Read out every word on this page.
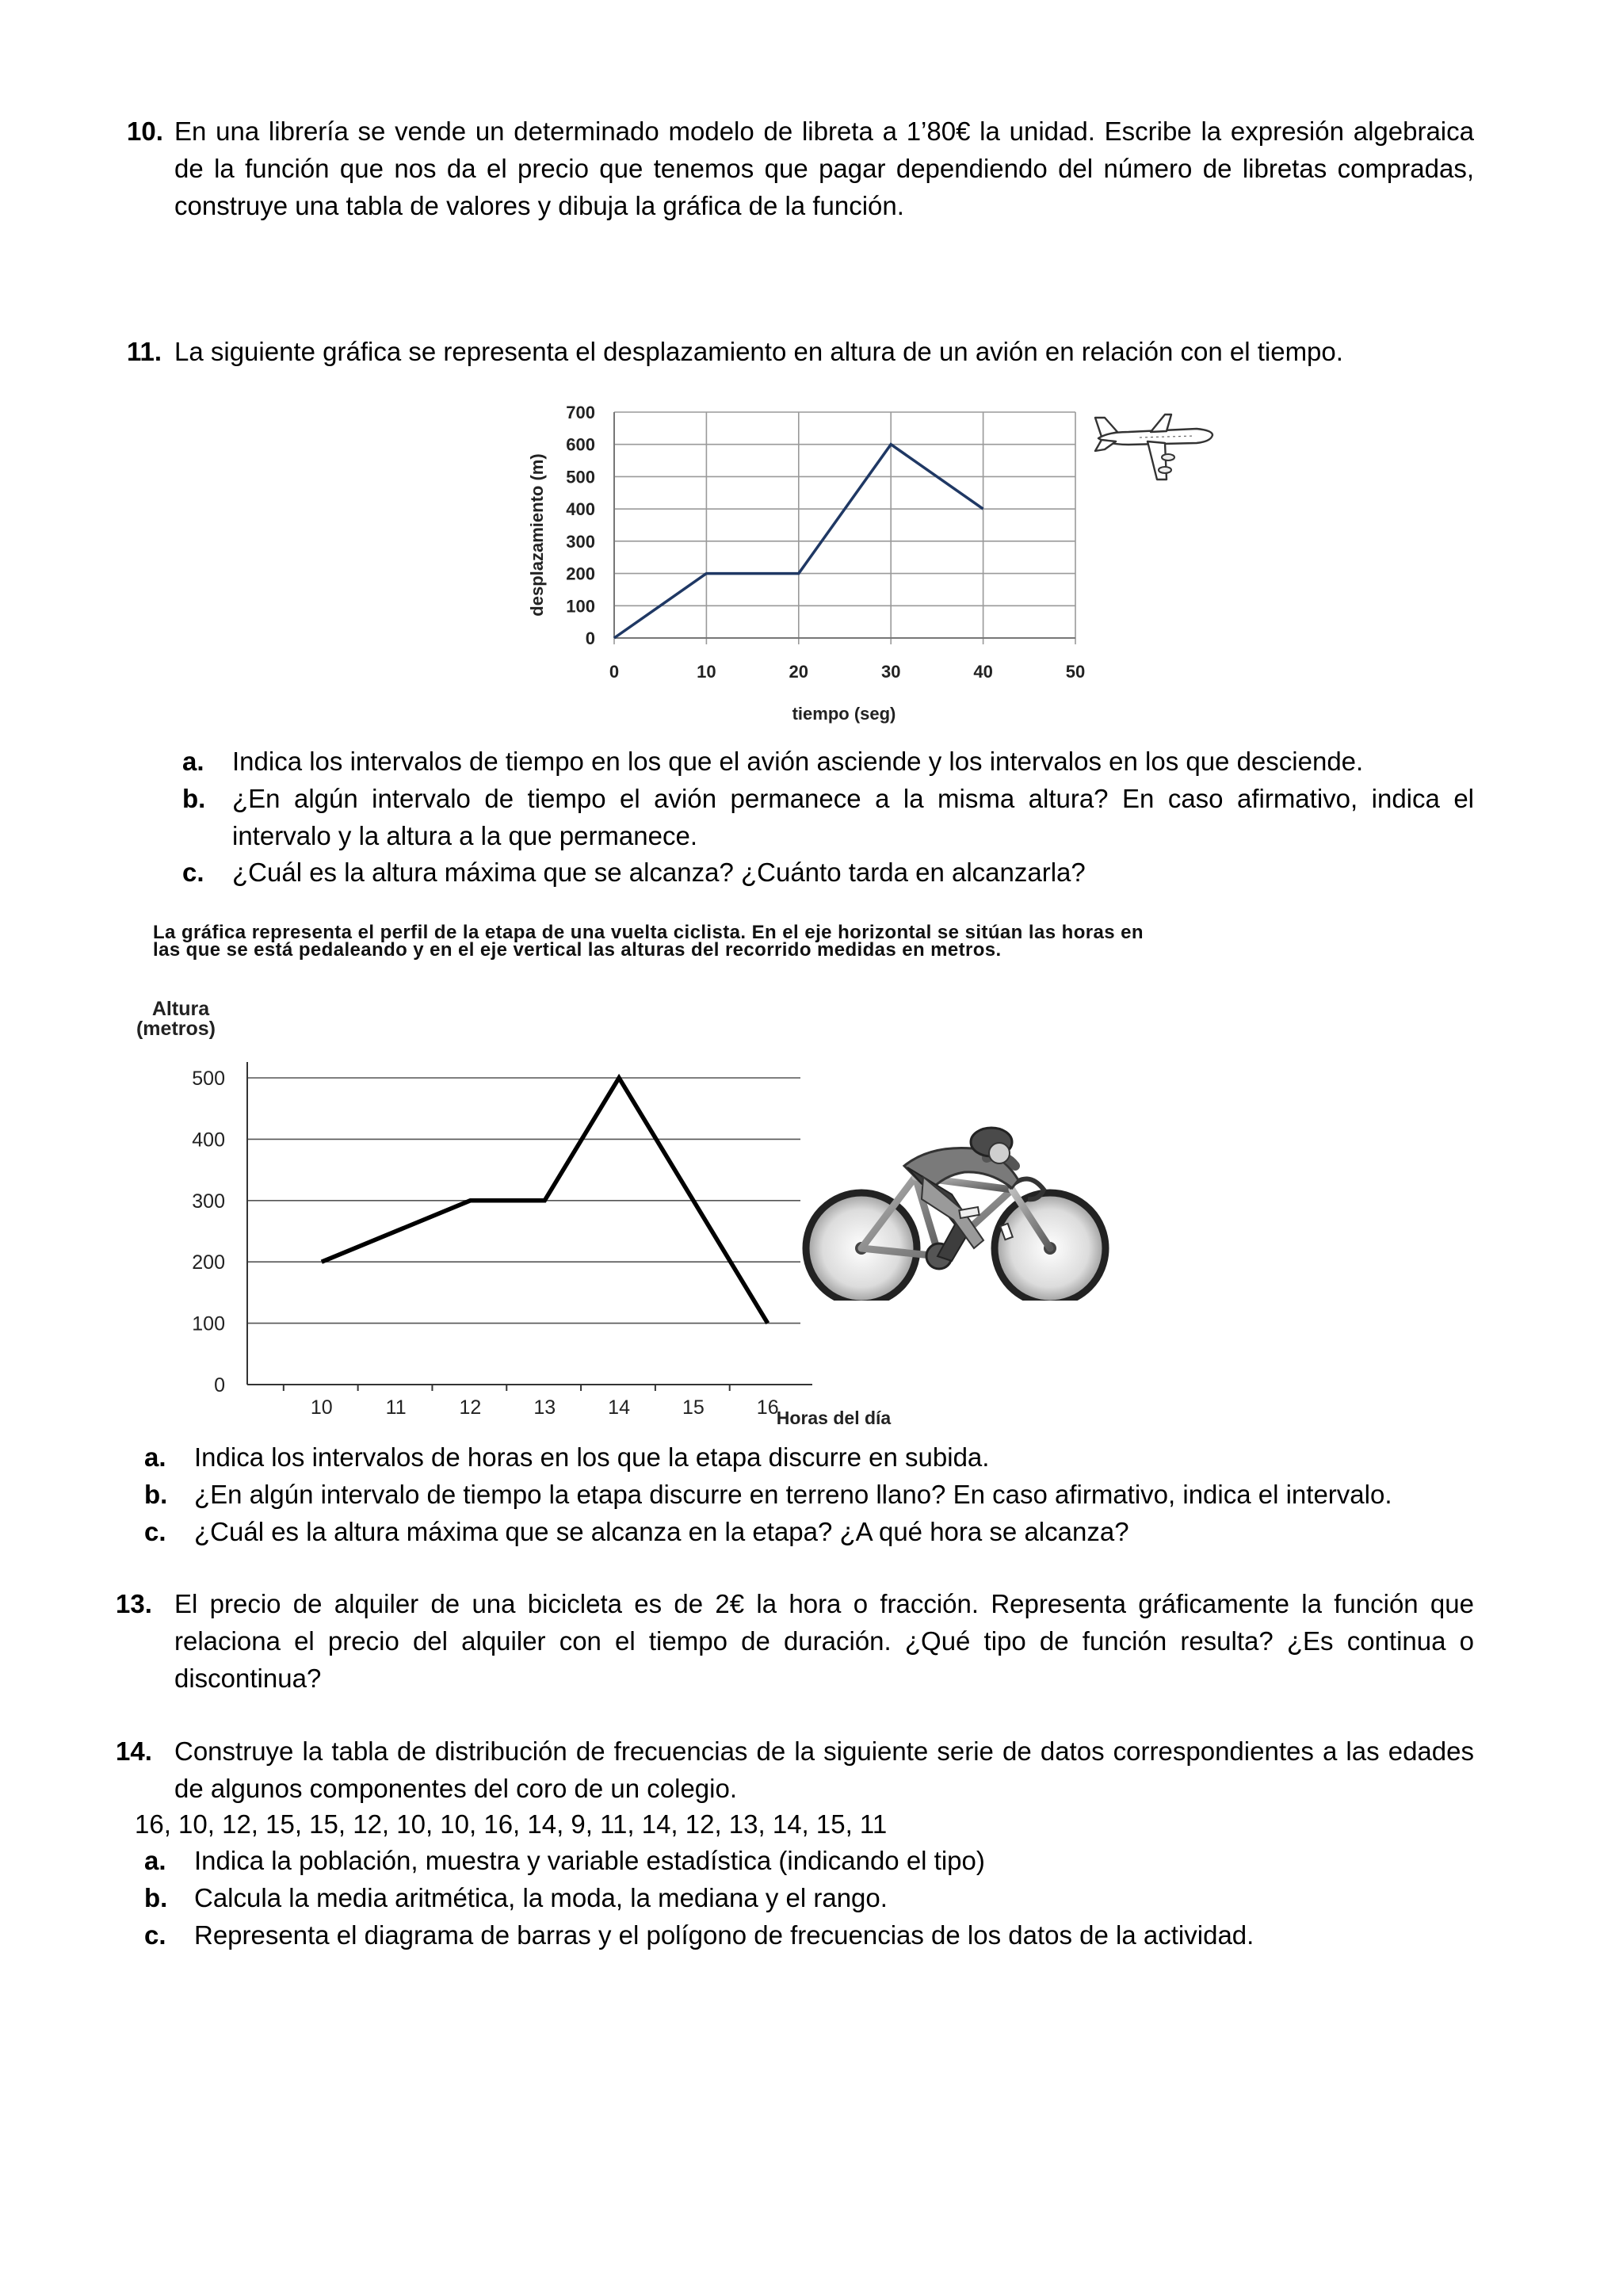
10. En una librería se vende un determinado modelo de libreta a 1’80€ la unidad. Escribe la expresión algebraica de la función que nos da el precio que tenemos que pagar dependiendo del número de libretas compradas, construye una tabla de valores y dibuja la gráfica de la función.
11. La siguiente gráfica se representa el desplazamiento en altura de un avión en relación con el tiempo.
0
100
200
300
400
500
600
700
0	10	20	30	40	50
desplazamiento (m)
tiempo (seg)
a. Indica los intervalos de tiempo en los que el avión asciende y los intervalos en los que desciende.
b. ¿En algún intervalo de tiempo el avión permanece a la misma altura? En caso afirmativo, indica el intervalo y la altura a la que permanece.
c. ¿Cuál es la altura máxima que se alcanza? ¿Cuánto tarda en alcanzarla?
La gráfica representa el perfil de la etapa de una vuelta ciclista. En el eje horizontal se sitúan las horas en las que se está pedaleando y en el eje vertical las alturas del recorrido medidas en metros.
Altura
(metros)
0
100
200
300
400
500
10	11	12	13	14	15	16
Horas del día
a. Indica los intervalos de horas en los que la etapa discurre en subida.
b. ¿En algún intervalo de tiempo la etapa discurre en terreno llano? En caso afirmativo, indica el intervalo.
c. ¿Cuál es la altura máxima que se alcanza en la etapa? ¿A qué hora se alcanza?
13. El precio de alquiler de una bicicleta es de 2€ la hora o fracción. Representa gráficamente la función que relaciona el precio del alquiler con el tiempo de duración. ¿Qué tipo de función resulta? ¿Es continua o discontinua?
14. Construye la tabla de distribución de frecuencias de la siguiente serie de datos correspondientes a las edades de algunos componentes del coro de un colegio.
16, 10, 12, 15, 15, 12, 10, 10, 16, 14, 9, 11, 14, 12, 13, 14, 15, 11
a. Indica la población, muestra y variable estadística (indicando el tipo)
b. Calcula la media aritmética, la moda, la mediana y el rango.
c. Representa el diagrama de barras y el polígono de frecuencias de los datos de la actividad.
